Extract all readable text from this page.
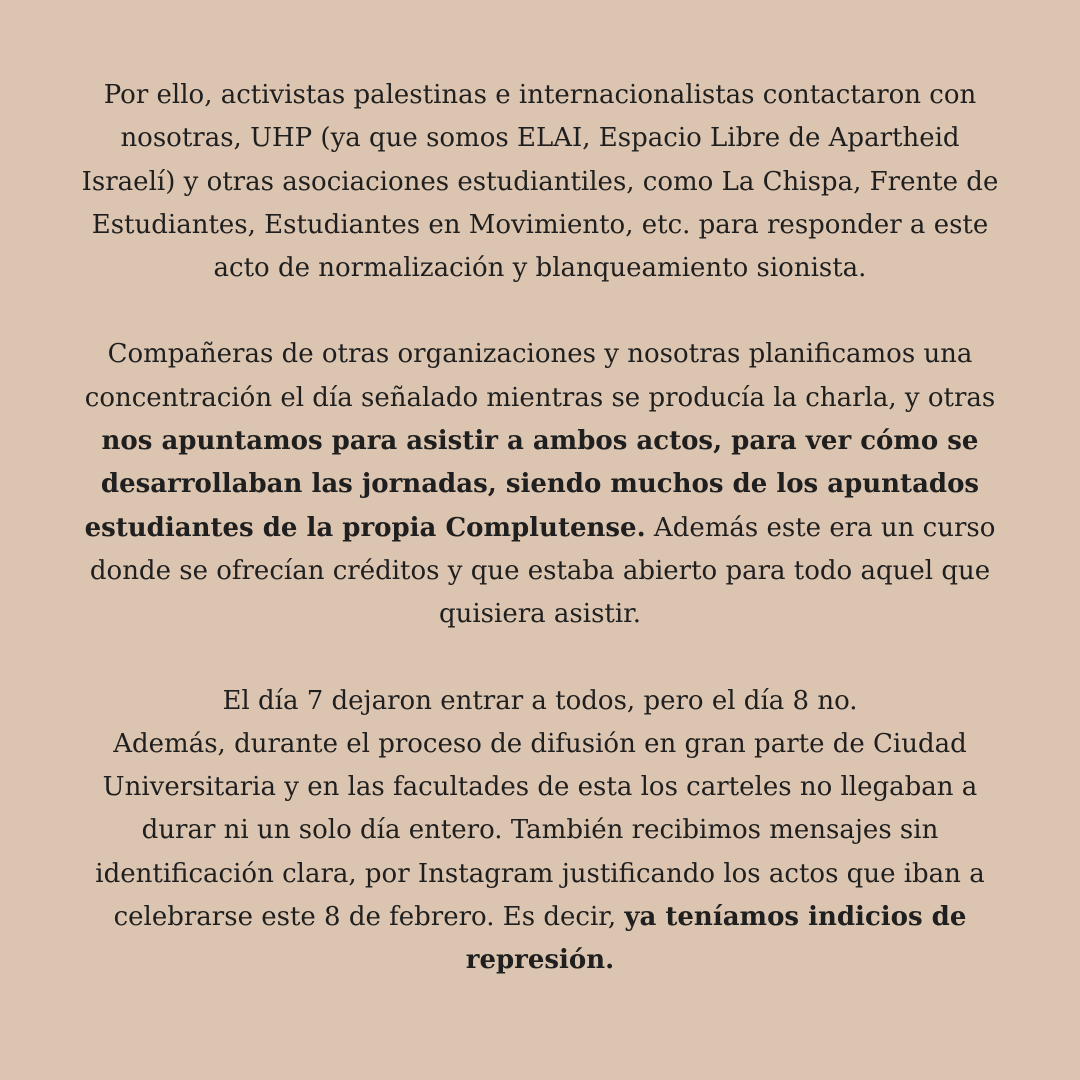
Por ello, activistas palestinas e internacionalistas contactaron con
nosotras, UHP (ya que somos ELAI, Espacio Libre de Apartheid
Israelí) y otras asociaciones estudiantiles, como La Chispa, Frente de
Estudiantes, Estudiantes en Movimiento, etc. para responder a este
acto de normalización y blanqueamiento sionista.

Compañeras de otras organizaciones y nosotras planificamos una
concentración el día señalado mientras se producía la charla, y otras
nos apuntamos para asistir a ambos actos, para ver cómo se
desarrollaban las jornadas, siendo muchos de los apuntados
estudiantes de la propia Complutense. Además este era un curso
donde se ofrecían créditos y que estaba abierto para todo aquel que
quisiera asistir.

El día 7 dejaron entrar a todos, pero el día 8 no.
Además, durante el proceso de difusión en gran parte de Ciudad
Universitaria y en las facultades de esta los carteles no llegaban a
durar ni un solo día entero. También recibimos mensajes sin
identificación clara, por Instagram justificando los actos que iban a
celebrarse este 8 de febrero. Es decir, ya teníamos indicios de
represión.
